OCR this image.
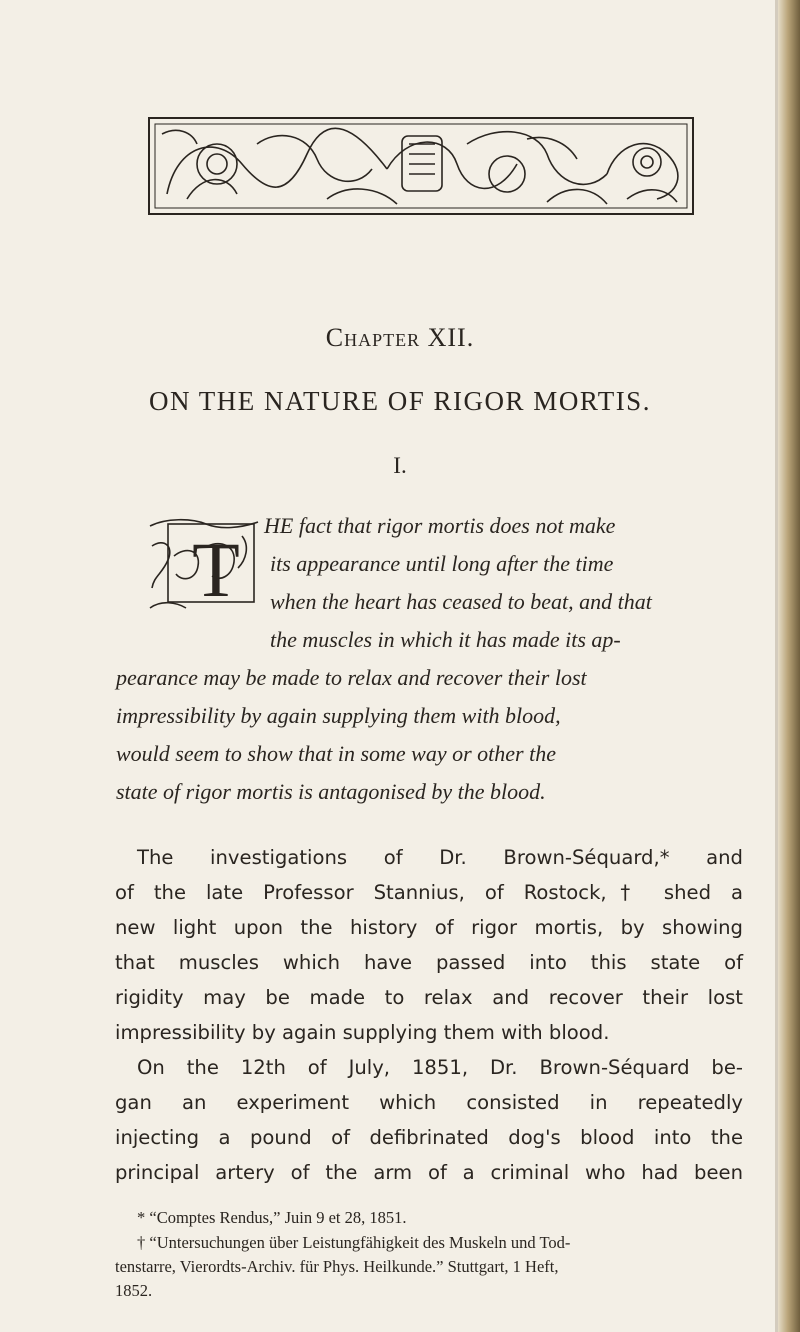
Chapter XII.
ON THE NATURE OF RIGOR MORTIS.
I.
T
HE fact that rigor mortis does not make
its appearance until long after the time
when the heart has ceased to beat, and that
the muscles in which it has made its ap-
pearance may be made to relax and recover their lost
impressibility by again supplying them with blood,
would seem to show that in some way or other the
state of rigor mortis is antagonised by the blood.
The investigations of Dr. Brown-Séquard,* and
of the late Professor Stannius, of Rostock,† shed a
new light upon the history of rigor mortis, by showing
that muscles which have passed into this state of
rigidity may be made to relax and recover their lost
impressibility by again supplying them with blood.
On the 12th of July, 1851, Dr. Brown-Séquard be-
gan an experiment which consisted in repeatedly
injecting a pound of defibrinated dog's blood into the
principal artery of the arm of a criminal who had been
* “Comptes Rendus,” Juin 9 et 28, 1851.
† “Untersuchungen über Leistungfähigkeit des Muskeln und Tod-
tenstarre, Vierordts-Archiv. für Phys. Heilkunde.” Stuttgart, 1 Heft,
1852.
